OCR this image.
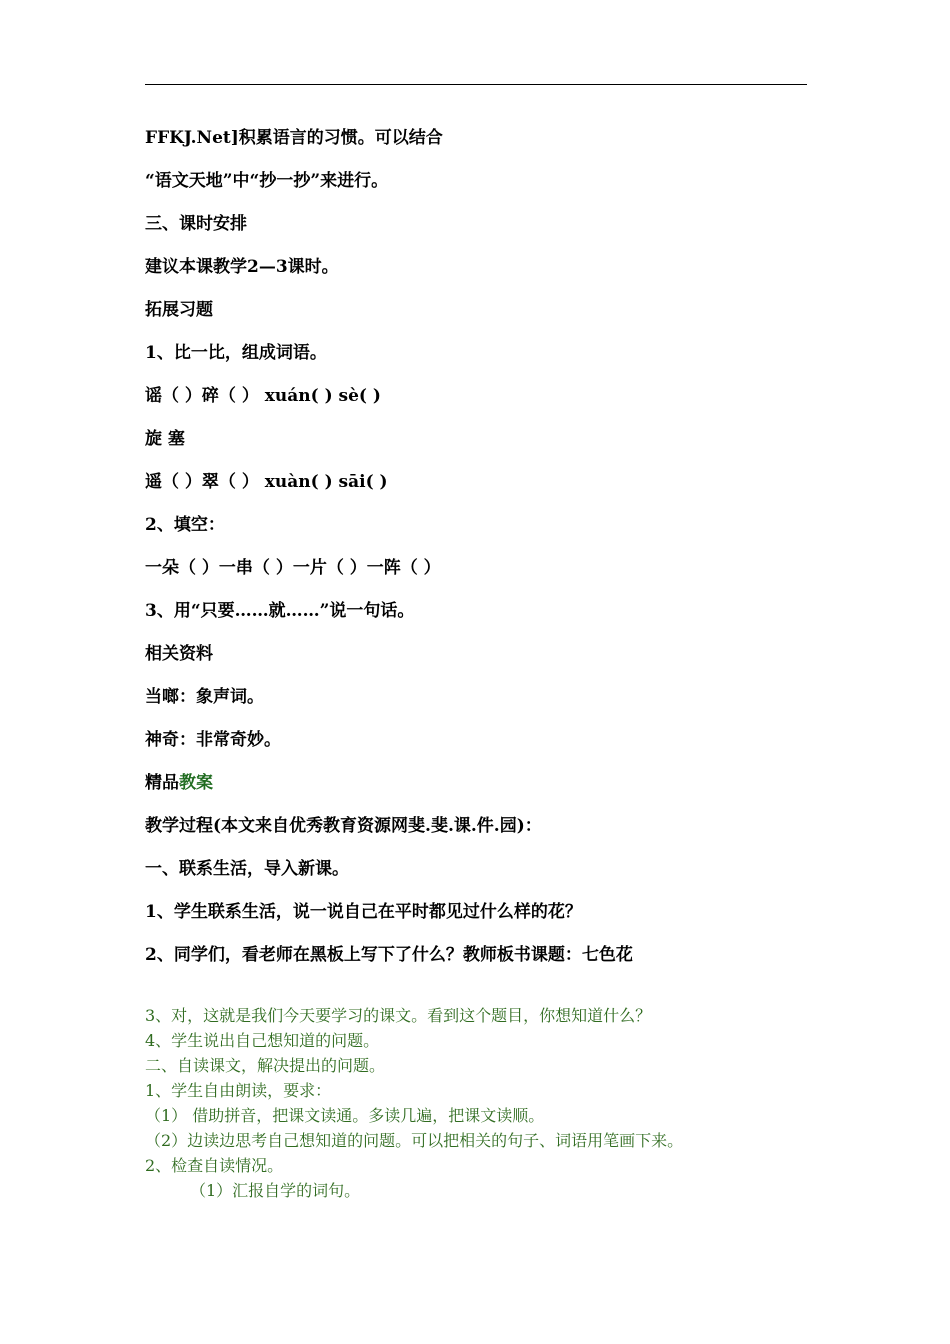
FFKJ.Net]积累语言的习惯。可以结合
“语文天地”中“抄一抄”来进行。
三、课时安排
建议本课教学2—3课时。
拓展习题
1、比一比，组成词语。
谣（ ）碎（ ） xuán( ) sè( )
旋 塞
遥（ ）翠（ ） xuàn( ) sāi( )
2、填空：
一朵（ ）一串（ ）一片（ ）一阵（ ）
3、用“只要……就……”说一句话。
相关资料
当啷：象声词。
神奇：非常奇妙。
精品教案
教学过程(本文来自优秀教育资源网斐.斐.课.件.园)：
一、联系生活，导入新课。
1、学生联系生活，说一说自己在平时都见过什么样的花？
2、同学们，看老师在黑板上写下了什么？教师板书课题：七色花
3、对，这就是我们今天要学习的课文。看到这个题目，你想知道什么？
4、学生说出自己想知道的问题。
二、自读课文，解决提出的问题。
1、学生自由朗读，要求：
（1） 借助拼音，把课文读通。多读几遍，把课文读顺。
（2）边读边思考自己想知道的问题。可以把相关的句子、词语用笔画下来。
2、检查自读情况。
（1）汇报自学的词句。
